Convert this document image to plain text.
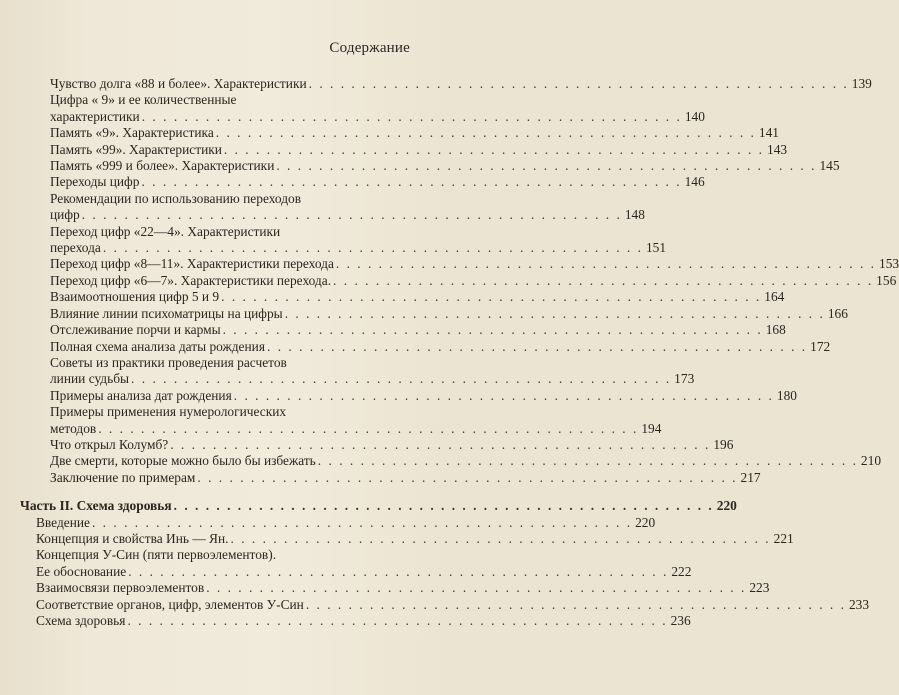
Содержание
Чувство долга «88 и более». Характеристики . . . . . . . . . . . . . . . . . . . . . . . . . . . . . . . . . . . . . . . . . . . . . . . . . . . 139
Цифра « 9» и ее количественные
характеристики . . . . . . . . . . . . . . . . . . . . . . . . . . . . . . . . . . . . . . . . . . . . . . . . . . . 140
Память «9». Характеристика . . . . . . . . . . . . . . . . . . . . . . . . . . . . . . . . . . . . . . . . . . . . . . . . . . . 141
Память «99». Характеристики . . . . . . . . . . . . . . . . . . . . . . . . . . . . . . . . . . . . . . . . . . . . . . . . . . . 143
Память «999 и более». Характеристики . . . . . . . . . . . . . . . . . . . . . . . . . . . . . . . . . . . . . . . . . . . . . . . . . . . 145
Переходы цифр . . . . . . . . . . . . . . . . . . . . . . . . . . . . . . . . . . . . . . . . . . . . . . . . . . . 146
Рекомендации по использованию переходов
цифр . . . . . . . . . . . . . . . . . . . . . . . . . . . . . . . . . . . . . . . . . . . . . . . . . . . 148
Переход цифр «22—4». Характеристики
перехода . . . . . . . . . . . . . . . . . . . . . . . . . . . . . . . . . . . . . . . . . . . . . . . . . . . 151
Переход цифр «8—11». Характеристики перехода . . . . . . . . . . . . . . . . . . . . . . . . . . . . . . . . . . . . . . . . . . . . . . . . . . . 153
Переход цифр «6—7». Характеристики перехода. . . . . . . . . . . . . . . . . . . . . . . . . . . . . . . . . . . . . . . . . . . . . . . . . . . . 156
Взаимоотношения цифр 5 и 9 . . . . . . . . . . . . . . . . . . . . . . . . . . . . . . . . . . . . . . . . . . . . . . . . . . . 164
Влияние линии психоматрицы на цифры . . . . . . . . . . . . . . . . . . . . . . . . . . . . . . . . . . . . . . . . . . . . . . . . . . . 166
Отслеживание порчи и кармы . . . . . . . . . . . . . . . . . . . . . . . . . . . . . . . . . . . . . . . . . . . . . . . . . . . 168
Полная схема анализа даты рождения . . . . . . . . . . . . . . . . . . . . . . . . . . . . . . . . . . . . . . . . . . . . . . . . . . . 172
Советы из практики проведения расчетов
линии судьбы . . . . . . . . . . . . . . . . . . . . . . . . . . . . . . . . . . . . . . . . . . . . . . . . . . . 173
Примеры анализа дат рождения . . . . . . . . . . . . . . . . . . . . . . . . . . . . . . . . . . . . . . . . . . . . . . . . . . . 180
Примеры применения нумерологических
методов . . . . . . . . . . . . . . . . . . . . . . . . . . . . . . . . . . . . . . . . . . . . . . . . . . . 194
Что открыл Колумб? . . . . . . . . . . . . . . . . . . . . . . . . . . . . . . . . . . . . . . . . . . . . . . . . . . . 196
Две смерти, которые можно было бы избежать . . . . . . . . . . . . . . . . . . . . . . . . . . . . . . . . . . . . . . . . . . . . . . . . . . . 210
Заключение по примерам . . . . . . . . . . . . . . . . . . . . . . . . . . . . . . . . . . . . . . . . . . . . . . . . . . . 217
Часть II. Схема здоровья . . . . . . . . . . . . . . . . . . . . . . . . . . . . . . . . . . . . . . . . . . . . . . . . . . . 220
Введение . . . . . . . . . . . . . . . . . . . . . . . . . . . . . . . . . . . . . . . . . . . . . . . . . . . 220
Концепция и свойства Инь — Ян. . . . . . . . . . . . . . . . . . . . . . . . . . . . . . . . . . . . . . . . . . . . . . . . . . . . 221
Концепция У-Син (пяти первоэлементов).
Ее обоснование . . . . . . . . . . . . . . . . . . . . . . . . . . . . . . . . . . . . . . . . . . . . . . . . . . . 222
Взаимосвязи первоэлементов . . . . . . . . . . . . . . . . . . . . . . . . . . . . . . . . . . . . . . . . . . . . . . . . . . . 223
Соответствие органов, цифр, элементов У-Син . . . . . . . . . . . . . . . . . . . . . . . . . . . . . . . . . . . . . . . . . . . . . . . . . . . 233
Схема здоровья . . . . . . . . . . . . . . . . . . . . . . . . . . . . . . . . . . . . . . . . . . . . . . . . . . . 236
